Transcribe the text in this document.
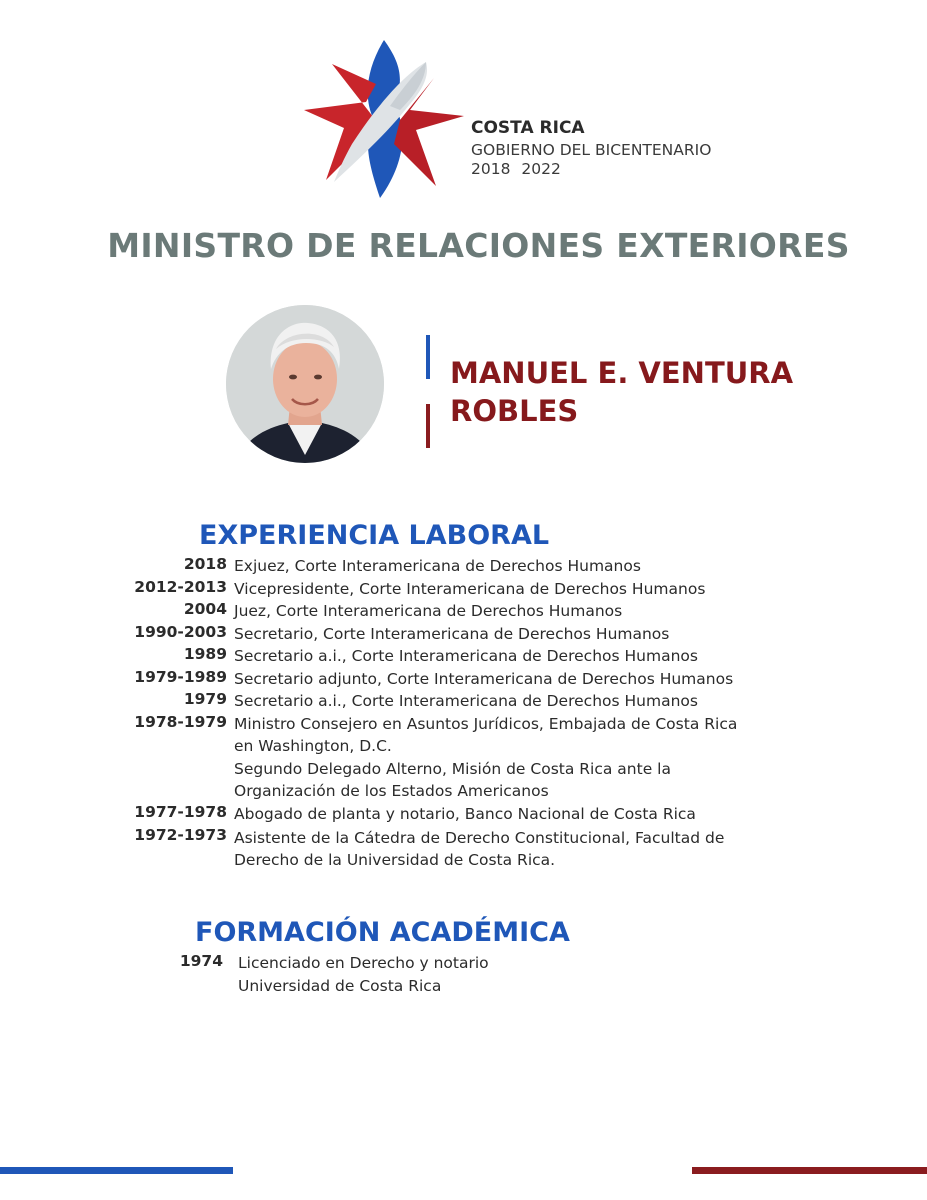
COSTA RICA
GOBIERNO DEL BICENTENARIO
2018 2022
MINISTRO DE RELACIONES EXTERIORES
MANUEL E. VENTURA
ROBLES
EXPERIENCIA LABORAL
2018 Exjuez, Corte Interamericana de Derechos Humanos
2012-2013 Vicepresidente, Corte Interamericana de Derechos Humanos
2004 Juez, Corte Interamericana de Derechos Humanos
1990-2003 Secretario, Corte Interamericana de Derechos Humanos
1989 Secretario a.i., Corte Interamericana de Derechos Humanos
1979-1989 Secretario adjunto, Corte Interamericana de Derechos Humanos
1979 Secretario a.i., Corte Interamericana de Derechos Humanos
1978-1979 Ministro Consejero en Asuntos Jurídicos, Embajada de Costa Rica
en Washington, D.C.
Segundo Delegado Alterno, Misión de Costa Rica ante la
Organización de los Estados Americanos
1977-1978 Abogado de planta y notario, Banco Nacional de Costa Rica
1972-1973 Asistente de la Cátedra de Derecho Constitucional, Facultad de
Derecho de la Universidad de Costa Rica.
FORMACIÓN ACADÉMICA
1974 Licenciado en Derecho y notario
Universidad de Costa Rica
